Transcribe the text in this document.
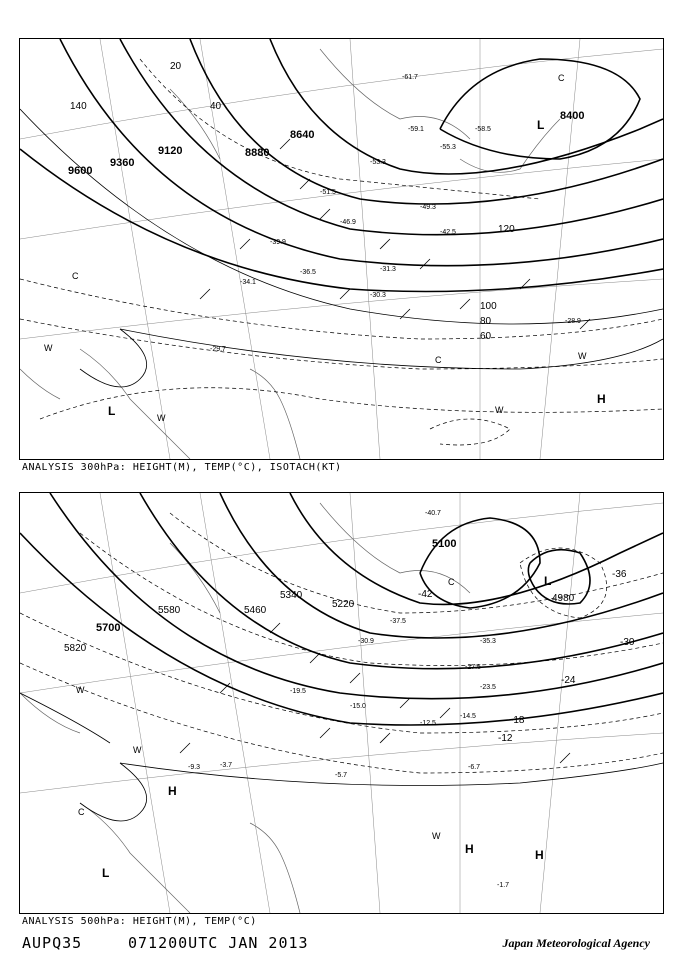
9600
9360
9120	8880
8640
8400
20
40
60
80
100
120
140
-61.7
-59.1	-58.5
-55.3
-53.3
-51.5
-49.3
-46.9
-42.5
-39.9
-36.5
-34.1
-31.3
-30.3
-29.7
-28.9
H
L
L
C
C
C
W
W
W
W
ANALYSIS 300hPa: HEIGHT(M), TEMP(°C), ISOTACH(KT)
5820
5700
5580	5460
5340
5220
5100
4980
-42
-36
-30
-24
-18
-12
-40.7
-37.5
-35.3
-30.9
-27.5
-23.5
-19.5
-15.0
-14.5
-12.5
-9.3	-6.7
-5.7
-3.7
-1.7
H
H	H
L
L
C
C
W
W
W
ANALYSIS 500hPa: HEIGHT(M), TEMP(°C)
AUPQ35	071200UTC JAN 2013	Japan Meteorological Agency
